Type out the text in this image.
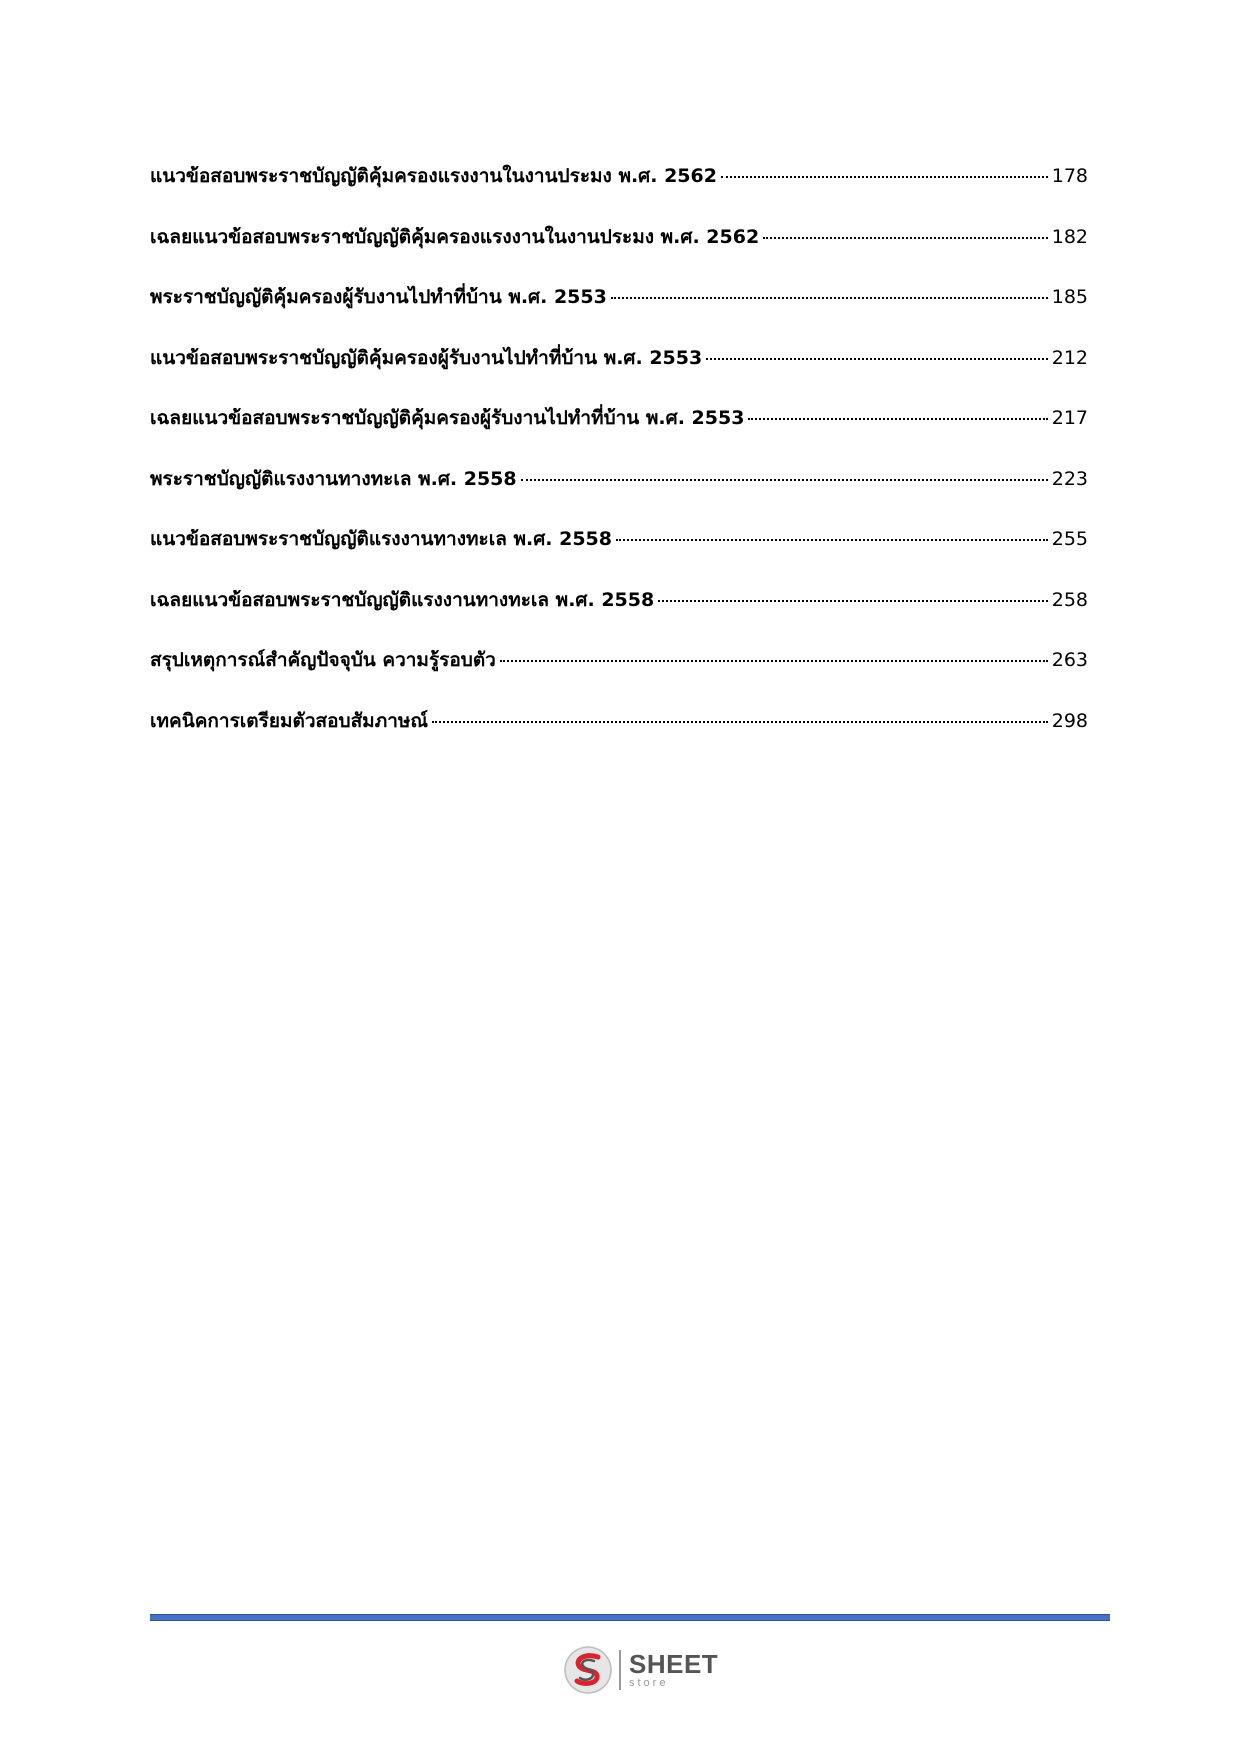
แนวข้อสอบพระราชบัญญัติคุ้มครองแรงงานในงานประมง พ.ศ. 2562	178
เฉลยแนวข้อสอบพระราชบัญญัติคุ้มครองแรงงานในงานประมง พ.ศ. 2562	182
พระราชบัญญัติคุ้มครองผู้รับงานไปทำที่บ้าน พ.ศ. 2553	185
แนวข้อสอบพระราชบัญญัติคุ้มครองผู้รับงานไปทำที่บ้าน พ.ศ. 2553	212
เฉลยแนวข้อสอบพระราชบัญญัติคุ้มครองผู้รับงานไปทำที่บ้าน พ.ศ. 2553	217
พระราชบัญญัติแรงงานทางทะเล พ.ศ. 2558	223
แนวข้อสอบพระราชบัญญัติแรงงานทางทะเล พ.ศ. 2558	255
เฉลยแนวข้อสอบพระราชบัญญัติแรงงานทางทะเล พ.ศ. 2558	258
สรุปเหตุการณ์สำคัญปัจจุบัน ความรู้รอบตัว	263
เทคนิคการเตรียมตัวสอบสัมภาษณ์	298
SHEET
store
